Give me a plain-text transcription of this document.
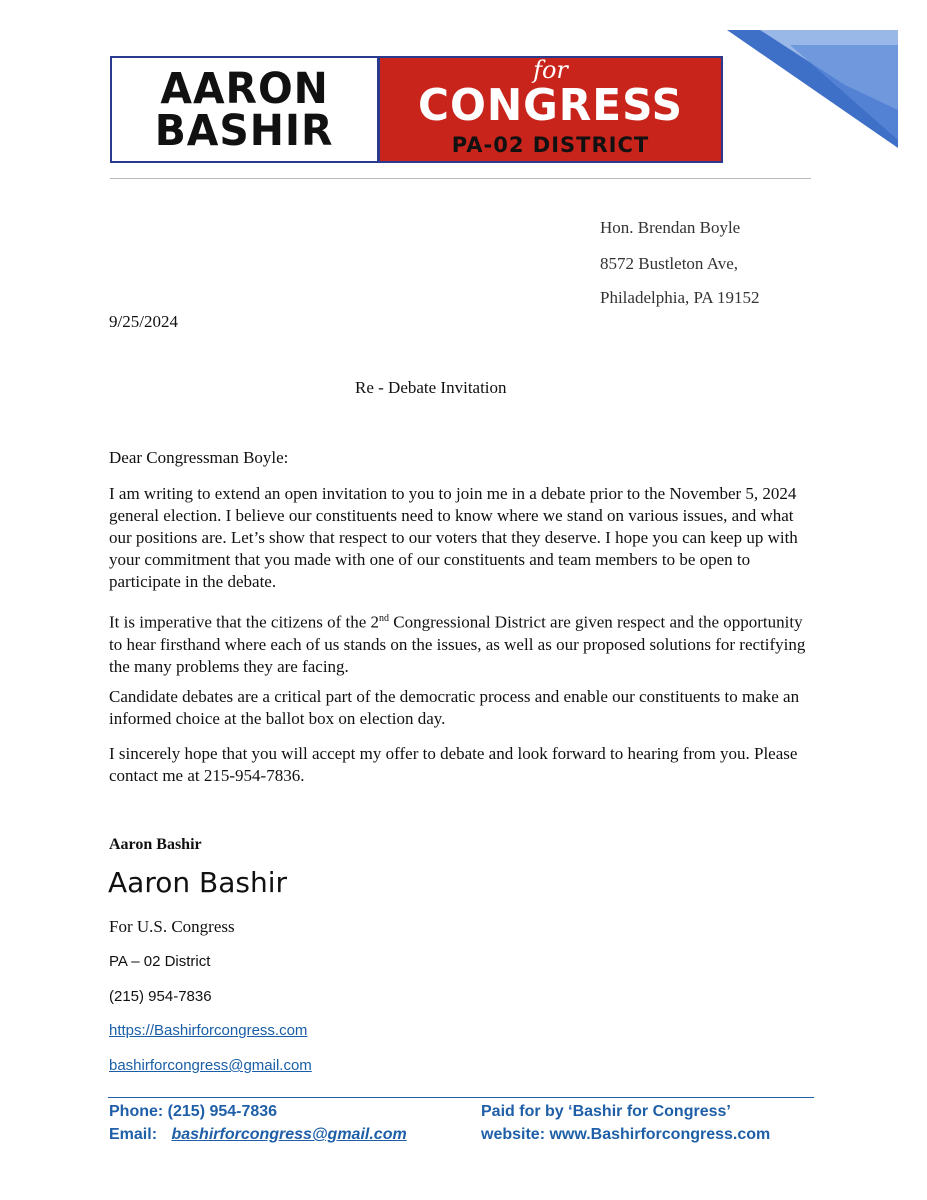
AARON
BASHIR
for
CONGRESS
PA-02 DISTRICT
Hon. Brendan Boyle
8572 Bustleton Ave,
Philadelphia, PA 19152
9/25/2024
Re - Debate Invitation
Dear Congressman Boyle:

I am writing to extend an open invitation to you to join me in a debate prior to the November 5, 2024 general election. I believe our constituents need to know where we stand on various issues, and what our positions are. Let’s show that respect to our voters that they deserve. I hope you can keep up with your commitment that you made with one of our constituents and team members to be open to participate in the debate.

It is imperative that the citizens of the 2nd Congressional District are given respect and the opportunity to hear firsthand where each of us stands on the issues, as well as our proposed solutions for rectifying the many problems they are facing.

Candidate debates are a critical part of the democratic process and enable our constituents to make an informed choice at the ballot box on election day.

I sincerely hope that you will accept my offer to debate and look forward to hearing from you. Please contact me at 215-954-7836.

Aaron Bashir
Aaron Bashir
For U.S. Congress
PA – 02 District
(215) 954-7836
https://Bashirforcongress.com
bashirforcongress@gmail.com
Phone: (215) 954-7836
Email: bashirforcongress@gmail.com
Paid for by ‘Bashir for Congress’
website: www.Bashirforcongress.com
